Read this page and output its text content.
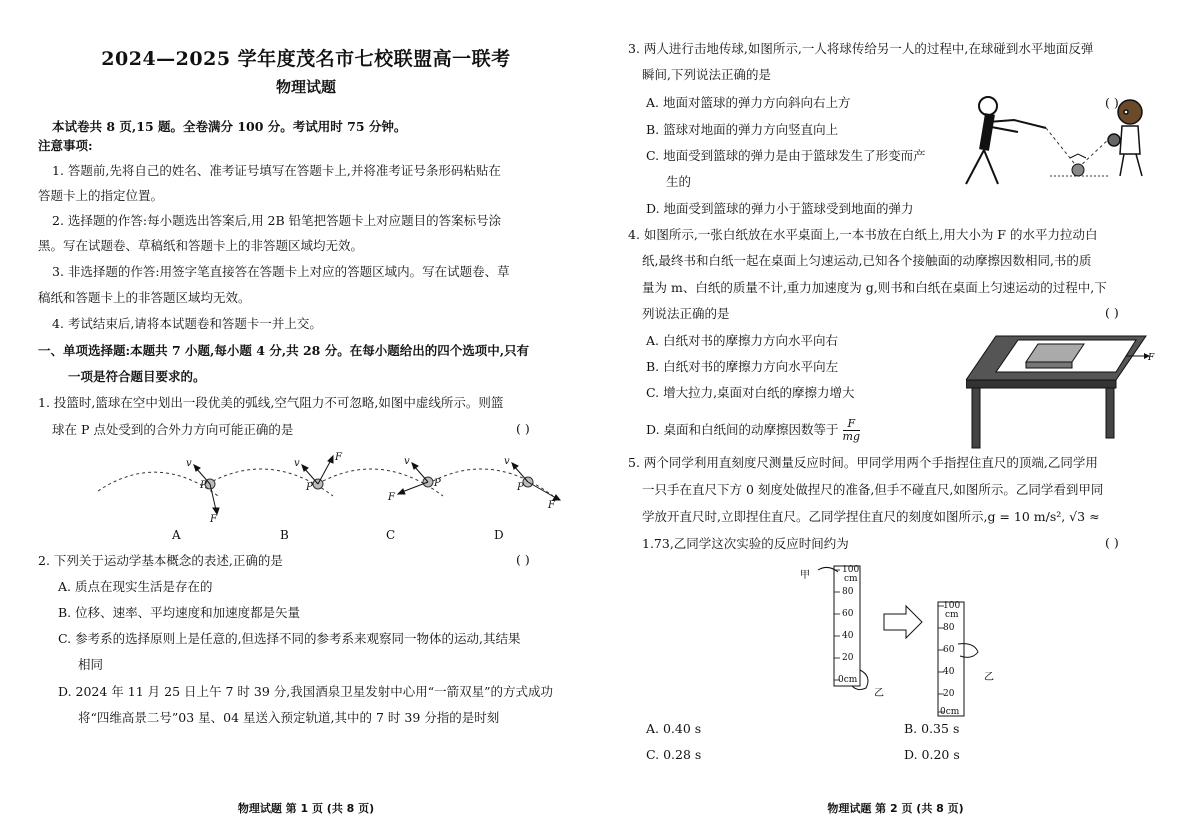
2024—2025 学年度茂名市七校联盟高一联考
物理试题
本试卷共 8 页,15 题。全卷满分 100 分。考试用时 75 分钟。
注意事项:
1. 答题前,先将自己的姓名、准考证号填写在答题卡上,并将准考证号条形码粘贴在
答题卡上的指定位置。
2. 选择题的作答:每小题选出答案后,用 2B 铅笔把答题卡上对应题目的答案标号涂
黑。写在试题卷、草稿纸和答题卡上的非答题区域均无效。
3. 非选择题的作答:用签字笔直接答在答题卡上对应的答题区域内。写在试题卷、草
稿纸和答题卡上的非答题区域均无效。
4. 考试结束后,请将本试题卷和答题卡一并上交。
一、单项选择题:本题共 7 小题,每小题 4 分,共 28 分。在每小题给出的四个选项中,只有
一项是符合题目要求的。
1. 投篮时,篮球在空中划出一段优美的弧线,空气阻力不可忽略,如图中虚线所示。则篮
球在 P 点处受到的合外力方向可能正确的是	( )
v
P
F
v
P
F	v
P
F
v
P
F
A	B	C	D
2. 下列关于运动学基本概念的表述,正确的是	( )
A. 质点在现实生活是存在的
B. 位移、速率、平均速度和加速度都是矢量
C. 参考系的选择原则上是任意的,但选择不同的参考系来观察同一物体的运动,其结果
相同
D. 2024 年 11 月 25 日上午 7 时 39 分,我国酒泉卫星发射中心用“一箭双星”的方式成功
将“四维高景二号”03 星、04 星送入预定轨道,其中的 7 时 39 分指的是时刻
物理试题 第 1 页 (共 8 页)
3. 两人进行击地传球,如图所示,一人将球传给另一人的过程中,在球碰到水平地面反弹
瞬间,下列说法正确的是
( )
A. 地面对篮球的弹力方向斜向右上方
B. 篮球对地面的弹力方向竖直向上
C. 地面受到篮球的弹力是由于篮球发生了形变而产
生的
D. 地面受到篮球的弹力小于篮球受到地面的弹力
4. 如图所示,一张白纸放在水平桌面上,一本书放在白纸上,用大小为 F 的水平力拉动白
纸,最终书和白纸一起在桌面上匀速运动,已知各个接触面的动摩擦因数相同,书的质
量为 m、白纸的质量不计,重力加速度为 g,则书和白纸在桌面上匀速运动的过程中,下
列说法正确的是	( )
A. 白纸对书的摩擦力方向水平向右
B. 白纸对书的摩擦力方向水平向左
C. 增大拉力,桌面对白纸的摩擦力增大
D. 桌面和白纸间的动摩擦因数等于 $\frac{F}{mg}$
F
5. 两个同学利用直刻度尺测量反应时间。甲同学用两个手指捏住直尺的顶端,乙同学用
一只手在直尺下方 0 刻度处做捏尺的准备,但手不碰直尺,如图所示。乙同学看到甲同
学放开直尺时,立即捏住直尺。乙同学捏住直尺的刻度如图所示,g = 10 m/s², √3 ≈
1.73,乙同学这次实验的反应时间约为	( )
100
cm
80
60
40
20
0cm
甲
乙
100
cm
80
60
40
20
0cm
乙
A. 0.40 s	B. 0.35 s
C. 0.28 s	D. 0.20 s
物理试题 第 2 页 (共 8 页)
